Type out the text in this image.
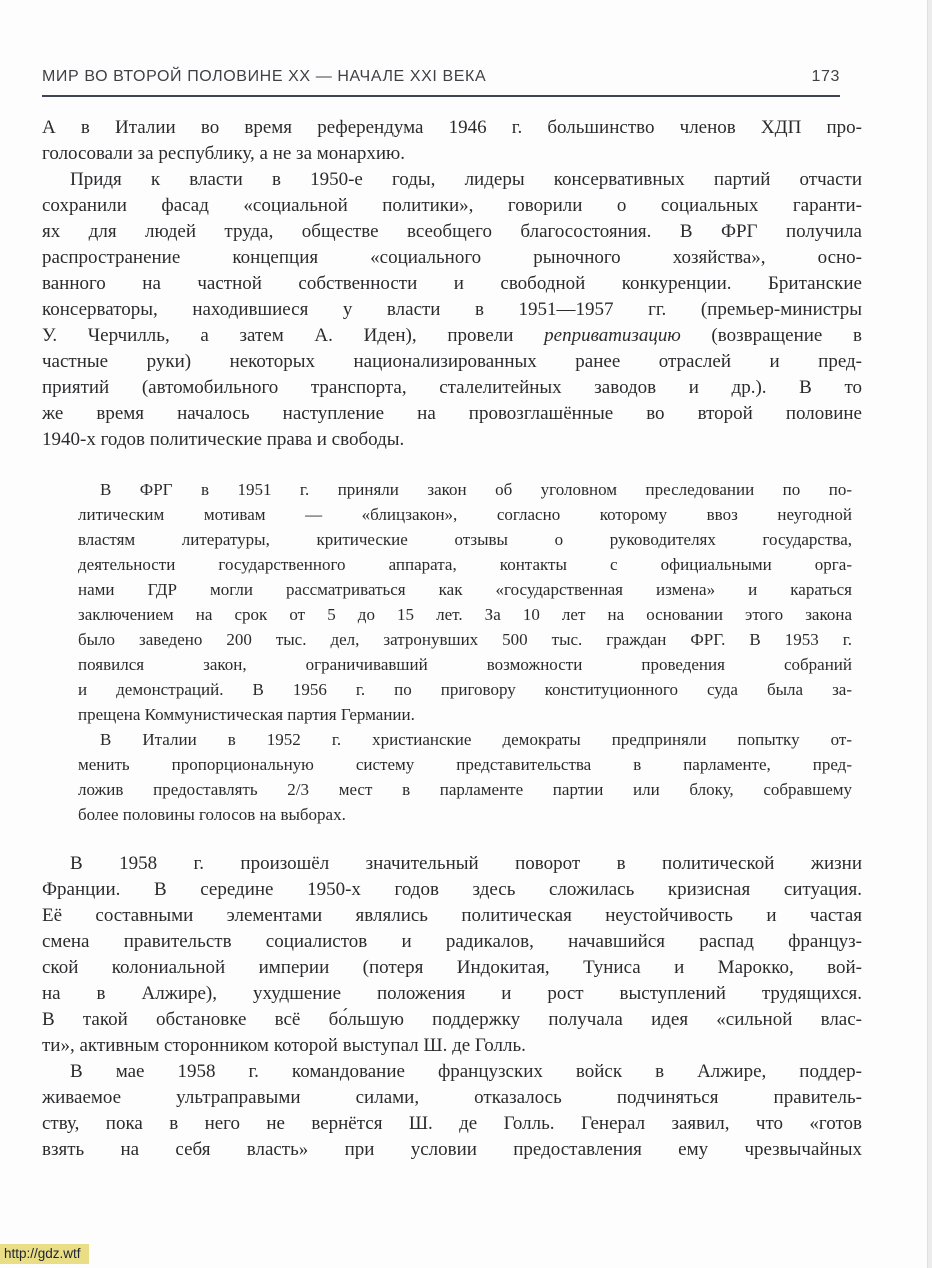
МИР ВО ВТОРОЙ ПОЛОВИНЕ XX — НАЧАЛЕ XXI ВЕКА	173
А в Италии во время референдума 1946 г. большинство членов ХДП про-
голосовали за республику, а не за монархию.
Придя к власти в 1950-е годы, лидеры консервативных партий отчасти
сохранили фасад «социальной политики», говорили о социальных гаранти-
ях для людей труда, обществе всеобщего благосостояния. В ФРГ получила
распространение концепция «социального рыночного хозяйства», осно-
ванного на частной собственности и свободной конкуренции. Британские
консерваторы, находившиеся у власти в 1951—1957 гг. (премьер-министры
У. Черчилль, а затем А. Иден), провели реприватизацию (возвращение в
частные руки) некоторых национализированных ранее отраслей и пред-
приятий (автомобильного транспорта, сталелитейных заводов и др.). В то
же время началось наступление на провозглашённые во второй половине
1940-х годов политические права и свободы.
В ФРГ в 1951 г. приняли закон об уголовном преследовании по по-
литическим мотивам — «блицзакон», согласно которому ввоз неугодной
властям литературы, критические отзывы о руководителях государства,
деятельности государственного аппарата, контакты с официальными орга-
нами ГДР могли рассматриваться как «государственная измена» и караться
заключением на срок от 5 до 15 лет. За 10 лет на основании этого закона
было заведено 200 тыс. дел, затронувших 500 тыс. граждан ФРГ. В 1953 г.
появился закон, ограничивавший возможности проведения собраний
и демонстраций. В 1956 г. по приговору конституционного суда была за-
прещена Коммунистическая партия Германии.
В Италии в 1952 г. христианские демократы предприняли попытку от-
менить пропорциональную систему представительства в парламенте, пред-
ложив предоставлять 2/3 мест в парламенте партии или блоку, собравшему
более половины голосов на выборах.
В 1958 г. произошёл значительный поворот в политической жизни
Франции. В середине 1950-х годов здесь сложилась кризисная ситуация.
Её составными элементами являлись политическая неустойчивость и частая
смена правительств социалистов и радикалов, начавшийся распад француз-
ской колониальной империи (потеря Индокитая, Туниса и Марокко, вой-
на в Алжире), ухудшение положения и рост выступлений трудящихся.
В такой обстановке всё бо́льшую поддержку получала идея «сильной влас-
ти», активным сторонником которой выступал Ш. де Голль.
В мае 1958 г. командование французских войск в Алжире, поддер-
живаемое ультраправыми силами, отказалось подчиняться правитель-
ству, пока в него не вернётся Ш. де Голль. Генерал заявил, что «готов
взять на себя власть» при условии предоставления ему чрезвычайных
http://gdz.wtf
